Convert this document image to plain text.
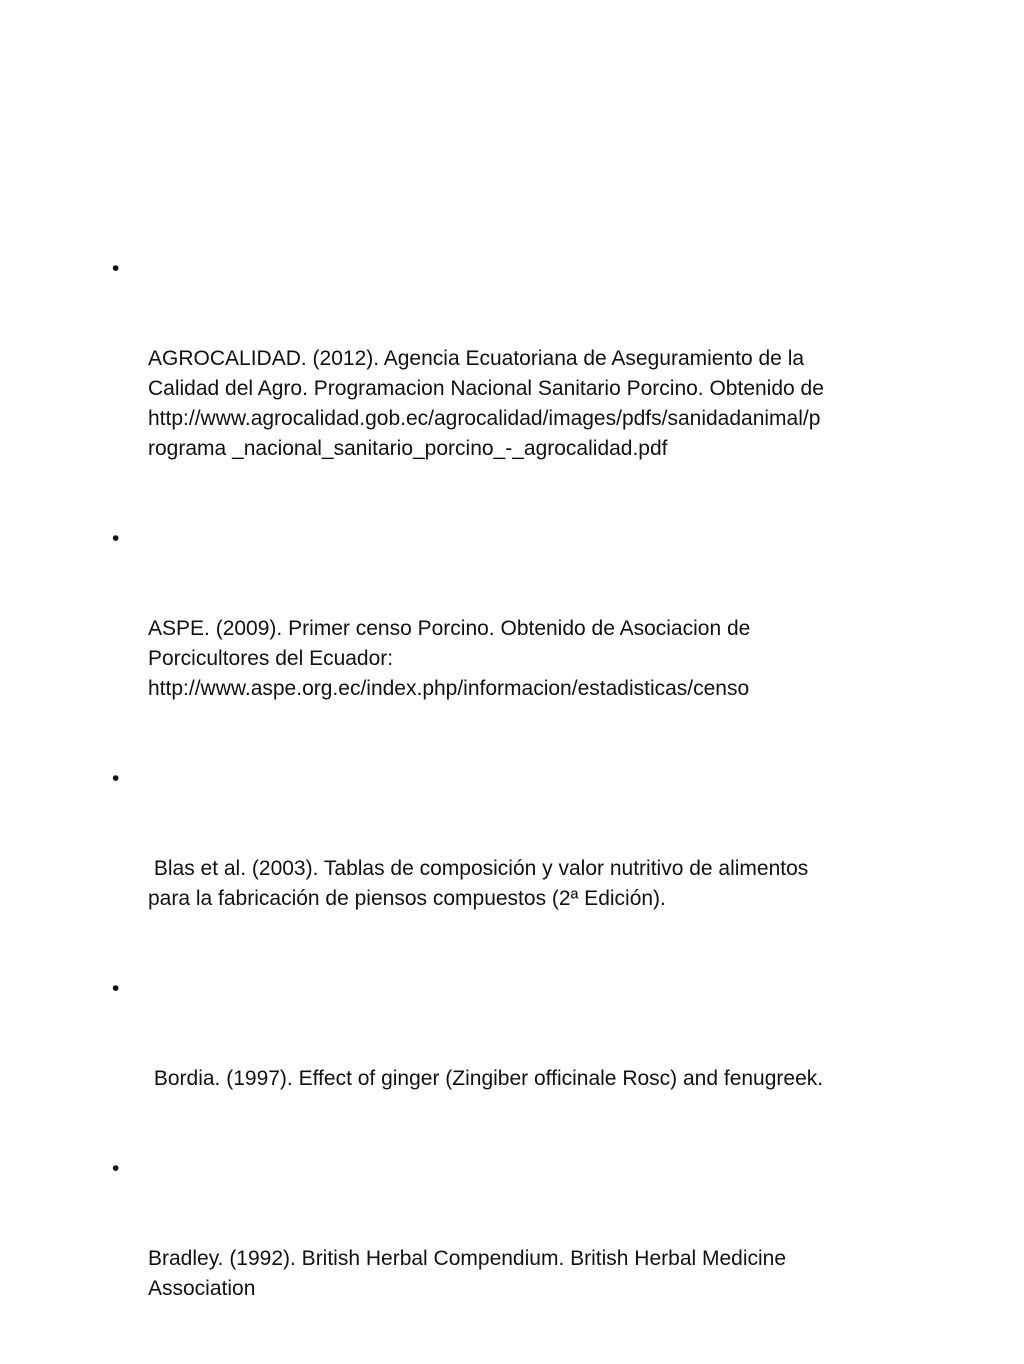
•

AGROCALIDAD. (2012). Agencia Ecuatoriana de Aseguramiento de la
Calidad del Agro. Programacion Nacional Sanitario Porcino. Obtenido de
http://www.agrocalidad.gob.ec/agrocalidad/images/pdfs/sanidadanimal/p
rograma _nacional_sanitario_porcino_-_agrocalidad.pdf

•

ASPE. (2009). Primer censo Porcino. Obtenido de Asociacion de
Porcicultores del Ecuador:
http://www.aspe.org.ec/index.php/informacion/estadisticas/censo

•

Blas et al. (2003). Tablas de composición y valor nutritivo de alimentos
para la fabricación de piensos compuestos (2ª Edición).

•

Bordia. (1997). Effect of ginger (Zingiber officinale Rosc) and fenugreek.

•

Bradley. (1992). British Herbal Compendium. British Herbal Medicine
Association
